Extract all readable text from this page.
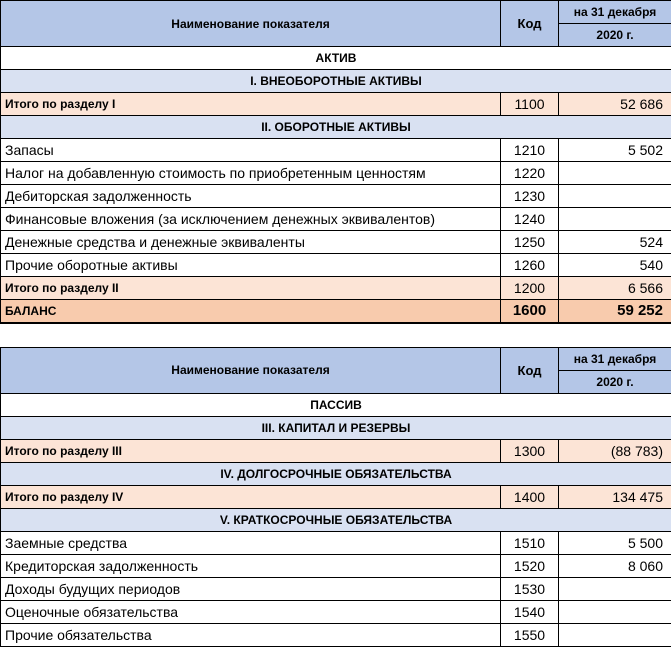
Наименование показателя	Код	на 31 декабря
		2020 г.
АКТИВ		
I. ВНЕОБОРОТНЫЕ АКТИВЫ		
Итого по разделу I	1100	52 686
II. ОБОРОТНЫЕ АКТИВЫ		
Запасы	1210	5 502
Налог на добавленную стоимость по приобретенным ценностям	1220	
Дебиторская задолженность	1230	
Финансовые вложения (за исключением денежных эквивалентов)	1240	
Денежные средства и денежные эквиваленты	1250	524
Прочие оборотные активы	1260	540
Итого по разделу II	1200	6 566
БАЛАНС	1600	59 252
Наименование показателя	Код	на 31 декабря
		2020 г.
ПАССИВ		
III. КАПИТАЛ И РЕЗЕРВЫ		
Итого по разделу III	1300	(88 783)
IV. ДОЛГОСРОЧНЫЕ ОБЯЗАТЕЛЬСТВА		
Итого по разделу IV	1400	134 475
V. КРАТКОСРОЧНЫЕ ОБЯЗАТЕЛЬСТВА		
Заемные средства	1510	5 500
Кредиторская задолженность	1520	8 060
Доходы будущих периодов	1530	
Оценочные обязательства	1540	
Прочие обязательства	1550	
